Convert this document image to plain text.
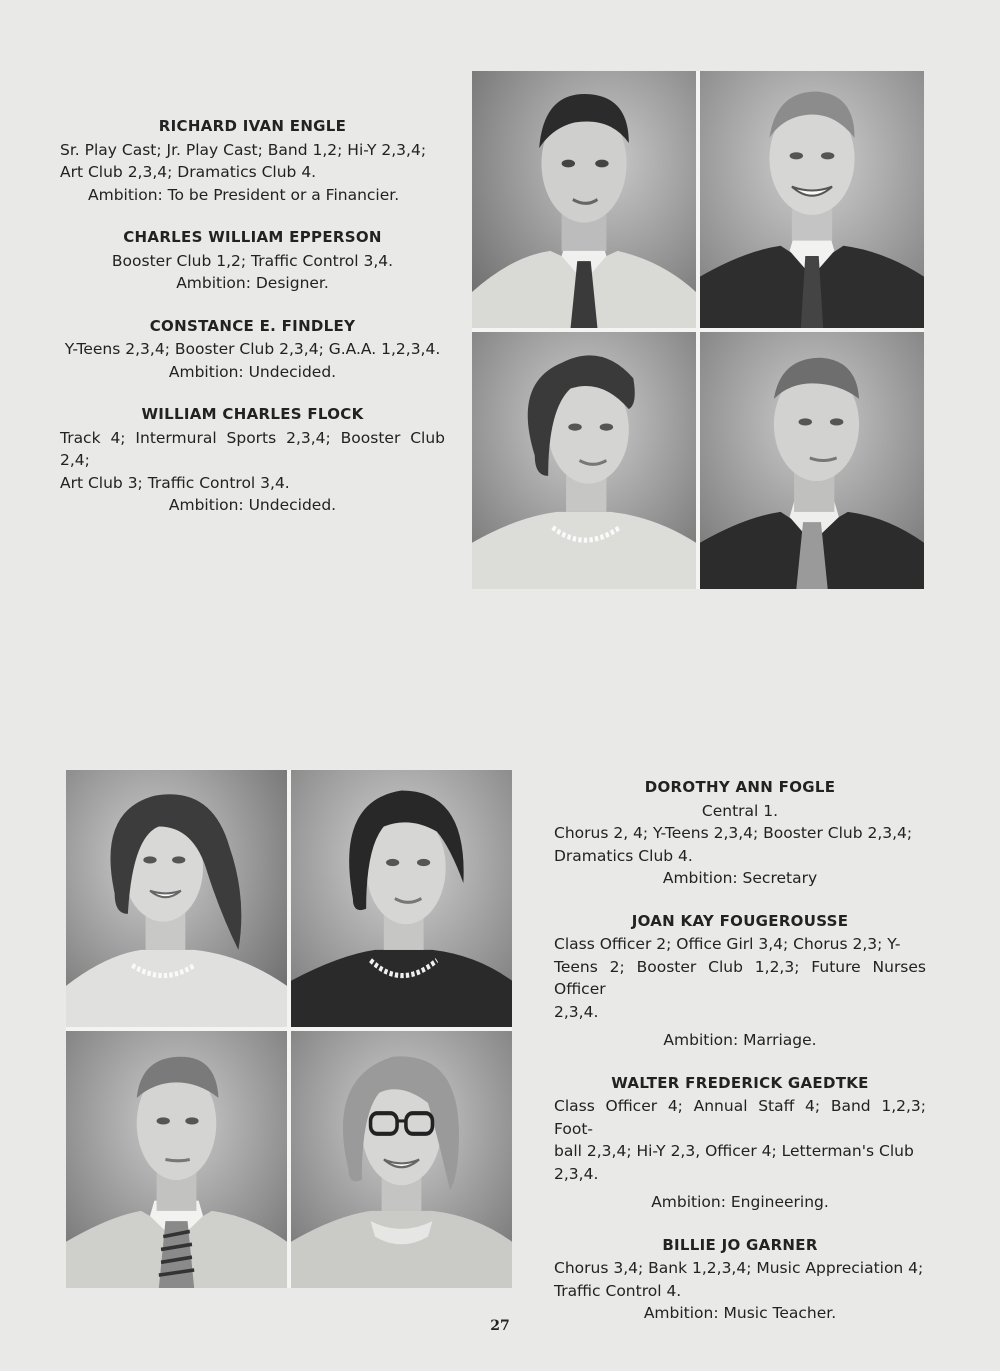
RICHARD IVAN ENGLE
Sr. Play Cast; Jr. Play Cast; Band 1,2; Hi-Y 2,3,4;
Art Club 2,3,4; Dramatics Club 4.
Ambition: To be President or a Financier.
CHARLES WILLIAM EPPERSON
Booster Club 1,2; Traffic Control 3,4.
Ambition: Designer.
CONSTANCE E. FINDLEY
Y-Teens 2,3,4; Booster Club 2,3,4; G.A.A. 1,2,3,4.
Ambition: Undecided.
WILLIAM CHARLES FLOCK
Track 4; Intermural Sports 2,3,4; Booster Club 2,4;
Art Club 3; Traffic Control 3,4.
Ambition: Undecided.
DOROTHY ANN FOGLE
Central 1.
Chorus 2, 4; Y-Teens 2,3,4; Booster Club 2,3,4;
Dramatics Club 4.
Ambition: Secretary
JOAN KAY FOUGEROUSSE
Class Officer 2; Office Girl 3,4; Chorus 2,3; Y-
Teens 2; Booster Club 1,2,3; Future Nurses Officer
2,3,4.
Ambition: Marriage.
WALTER FREDERICK GAEDTKE
Class Officer 4; Annual Staff 4; Band 1,2,3; Foot-
ball 2,3,4; Hi-Y 2,3, Officer 4; Letterman's Club
2,3,4.
Ambition: Engineering.
BILLIE JO GARNER
Chorus 3,4; Bank 1,2,3,4; Music Appreciation 4;
Traffic Control 4.
Ambition: Music Teacher.
27
